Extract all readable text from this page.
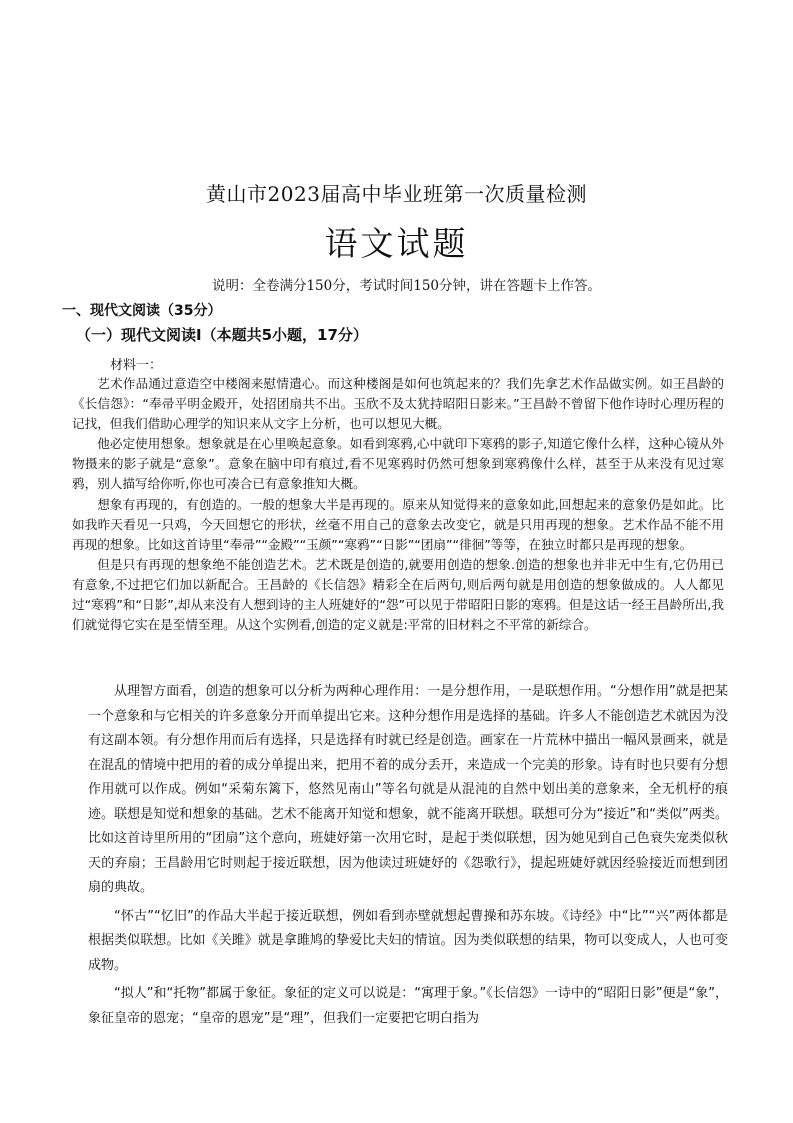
黄山市2023届高中毕业班第一次质量检测
语文试题
说明：全卷满分150分，考试时间150分钟，讲在答题卡上作答。
一、现代文阅读（35分）
（一）现代文阅读Ⅰ（本题共5小题，17分）
材料一：

艺术作品通过意造空中楼阁来慰情遣心。而这种楼阁是如何也筑起来的？我们先拿艺术作品做实例。如王昌龄的《长信怨》：“奉帚平明金殿开，处招团扇共不出。玉欣不及太犹持昭阳日影来。”王昌龄不曾留下他作诗时心理历程的记找，但我们借助心理学的知识来从文字上分析，也可以想见大概。

他必定使用想象。想象就是在心里唤起意象。如看到寒鸦,心中就印下寒鸦的影子,知道它像什么样，这种心镜从外物摄来的影子就是“意象”。意象在脑中印有痕过,看不见寒鸦时仍然可想象到寒鸦像什么样，甚至于从来没有见过寒鸦，别人描写给你听,你也可凑合已有意象推知大概。

想象有再现的，有创造的。一般的想象大半是再现的。原来从知觉得来的意象如此,回想起来的意象仍是如此。比如我昨天看见一只鸡，今天回想它的形状，丝毫不用自己的意象去改变它，就是只用再现的想象。艺术作品不能不用再现的想象。比如这首诗里“奉帚”“金殿”“玉颜”“寒鸦”“日影”“团扇”“徘徊”等等，在独立时都只是再现的想象。

但是只有再现的想象绝不能创造艺术。艺术既是创造的,就要用创造的想象.创造的想象也并非无中生有,它仍用已有意象,不过把它们加以新配合。王昌龄的《长信怨》精彩全在后两句,则后两句就是用创造的想象做成的。人人都见过“寒鸦”和“日影”,却从来没有人想到诗的主人班婕妤的“怨”可以见于带昭阳日影的寒鸦。但是这话一经王昌龄所出,我们就觉得它实在是至情至理。从这个实例看,创造的定义就是:平常的旧材料之不平常的新综合。

从理智方面看，创造的想象可以分析为两种心理作用：一是分想作用，一是联想作用。“分想作用”就是把某一个意象和与它相关的许多意象分开而单提出它来。这种分想作用是选择的基础。许多人不能创造艺术就因为没有这副本领。有分想作用而后有选择，只是选择有时就已经是创造。画家在一片荒林中描出一幅风景画来，就是在混乱的情境中把用的着的成分单提出来，把用不着的成分丢开，来造成一个完美的形象。诗有时也只要有分想作用就可以作成。例如“采菊东篱下，悠然见南山”等名句就是从混沌的自然中划出美的意象来，全无机杼的痕迹。联想是知觉和想象的基础。艺术不能离开知觉和想象，就不能离开联想。联想可分为“接近”和“类似”两类。比如这首诗里所用的“团扇”这个意向，班婕妤第一次用它时，是起于类似联想，因为她见到自己色衰失宠类似秋天的弃扇；王昌龄用它时则起于接近联想，因为他读过班婕妤的《怨歌行》，提起班婕妤就因经验接近而想到团扇的典故。

“怀古”“忆旧”的作品大半起于接近联想，例如看到赤壁就想起曹操和苏东坡。《诗经》中“比”“兴”两体都是根据类似联想。比如《关雎》就是拿雎鸠的挚爱比夫妇的情谊。因为类似联想的结果，物可以变成人，人也可变成物。

“拟人”和“托物”都属于象征。象征的定义可以说是：“寓理于象。”《长信怨》一诗中的“昭阳日影”便是“象”，象征皇帝的恩宠；“皇帝的恩宠”是“理”，但我们一定要把它明白指为
